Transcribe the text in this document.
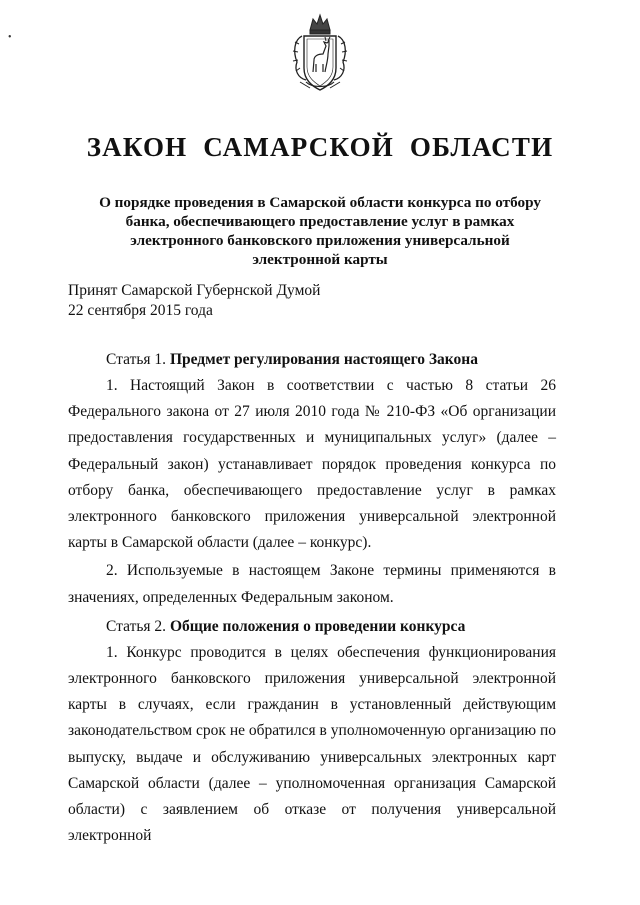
•
ЗАКОН САМАРСКОЙ ОБЛАСТИ
О порядке проведения в Самарской области конкурса по отбору банка, обеспечивающего предоставление услуг в рамках электронного банковского приложения универсальной электронной карты
Принят Самарской Губернской Думой
22 сентября 2015 года
Статья 1. Предмет регулирования настоящего Закона

1. Настоящий Закон в соответствии с частью 8 статьи 26 Федерального закона от 27 июля 2010 года № 210-ФЗ «Об организации предоставления государственных и муниципальных услуг» (далее – Федеральный закон) устанавливает порядок проведения конкурса по отбору банка, обеспечивающего предоставление услуг в рамках электронного банковского приложения универсальной электронной карты в Самарской области (далее – конкурс).

2. Используемые в настоящем Законе термины применяются в значениях, определенных Федеральным законом.

Статья 2. Общие положения о проведении конкурса

1. Конкурс проводится в целях обеспечения функционирования электронного банковского приложения универсальной электронной карты в случаях, если гражданин в установленный действующим законодательством срок не обратился в уполномоченную организацию по выпуску, выдаче и обслуживанию универсальных электронных карт Самарской области (далее – уполномоченная организация Самарской области) с заявлением об отказе от получения универсальной электронной
